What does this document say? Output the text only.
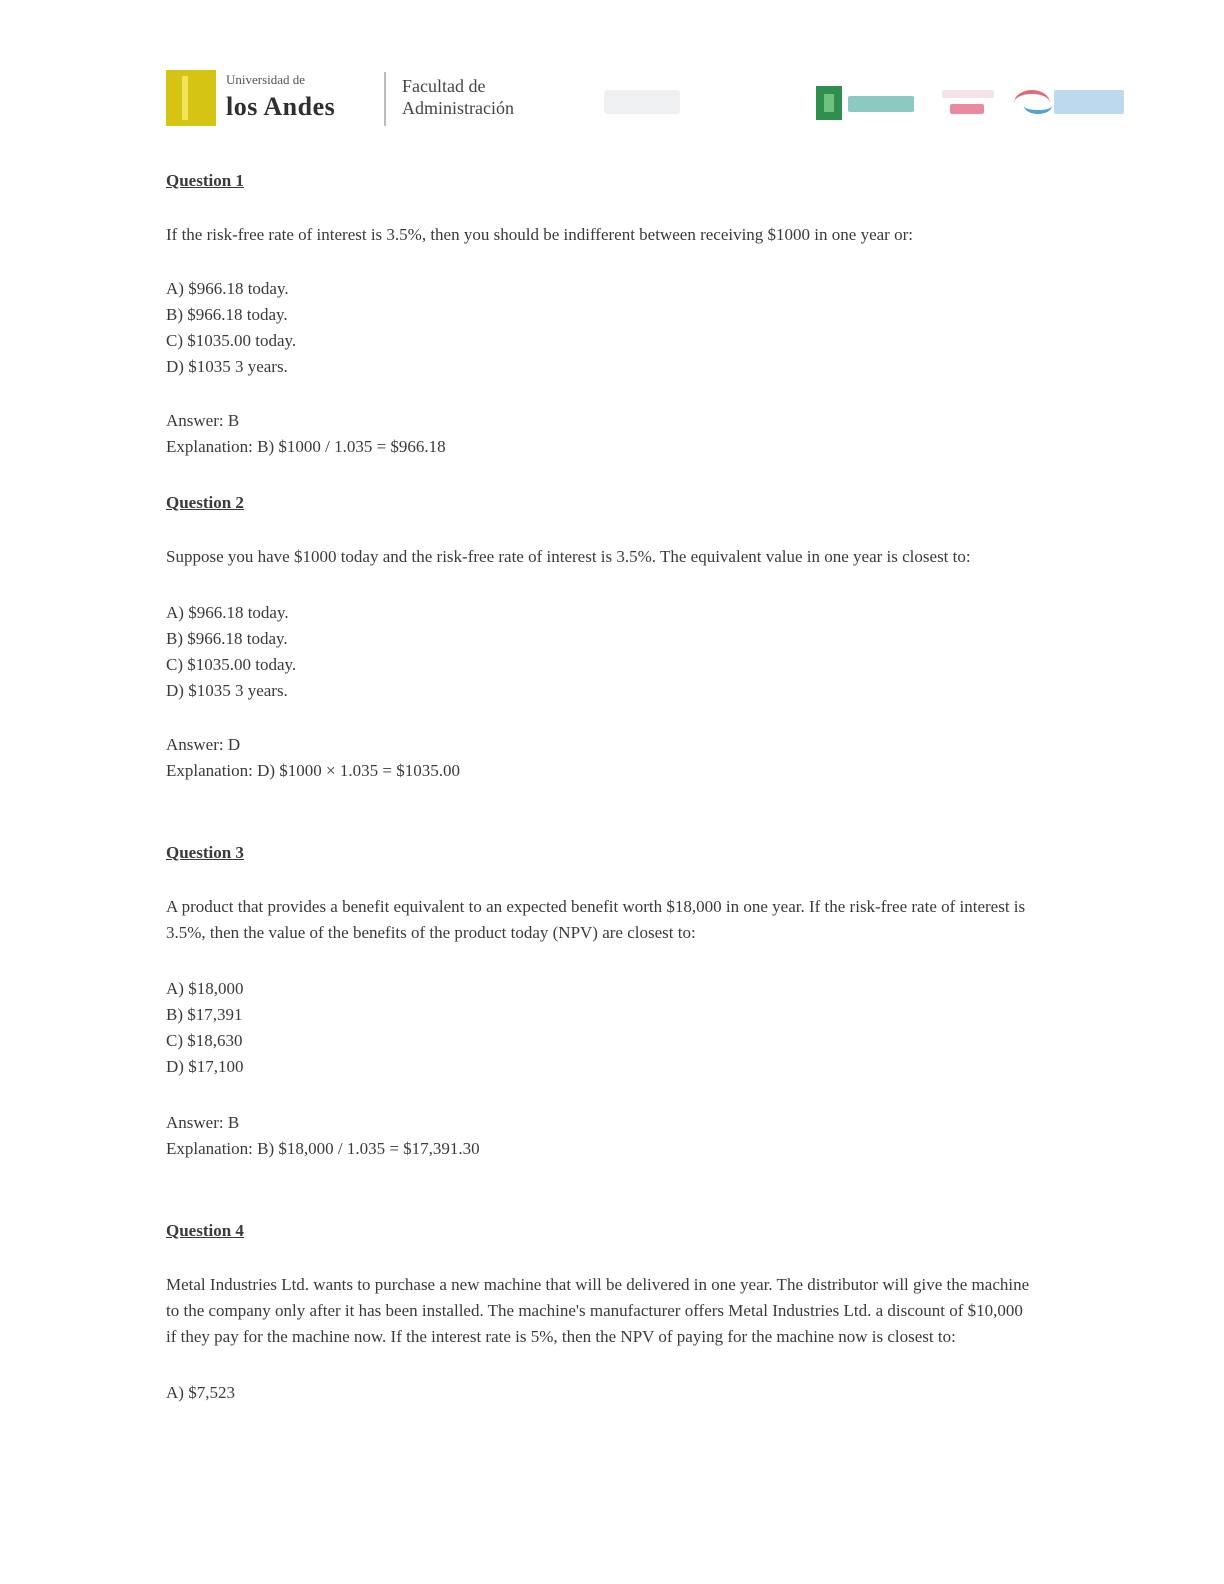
Universidad de
los Andes
Facultad de
Administración
Question 1

If the risk-free rate of interest is 3.5%, then you should be indifferent between receiving $1000 in one year or:

A) $966.18 today.
B) $966.18 today.
C) $1035.00 today.
D) $1035 3 years.
Answer: B
Explanation: B) $1000 / 1.035 = $966.18
Question 2

Suppose you have $1000 today and the risk-free rate of interest is 3.5%. The equivalent value in one year is closest to:

A) $966.18 today.
B) $966.18 today.
C) $1035.00 today.
D) $1035 3 years.
Answer: D
Explanation: D) $1000 × 1.035 = $1035.00
Question 3

A product that provides a benefit equivalent to an expected benefit worth $18,000 in one year. If the risk-free rate of interest is 3.5%, then the value of the benefits of the product today (NPV) are closest to:

A) $18,000
B) $17,391
C) $18,630
D) $17,100
Answer: B
Explanation: B) $18,000 / 1.035 = $17,391.30
Question 4

Metal Industries Ltd. wants to purchase a new machine that will be delivered in one year. The distributor will give the machine to the company only after it has been installed. The machine's manufacturer offers Metal Industries Ltd. a discount of $10,000 if they pay for the machine now. If the interest rate is 5%, then the NPV of paying for the machine now is closest to:

A) $7,523
